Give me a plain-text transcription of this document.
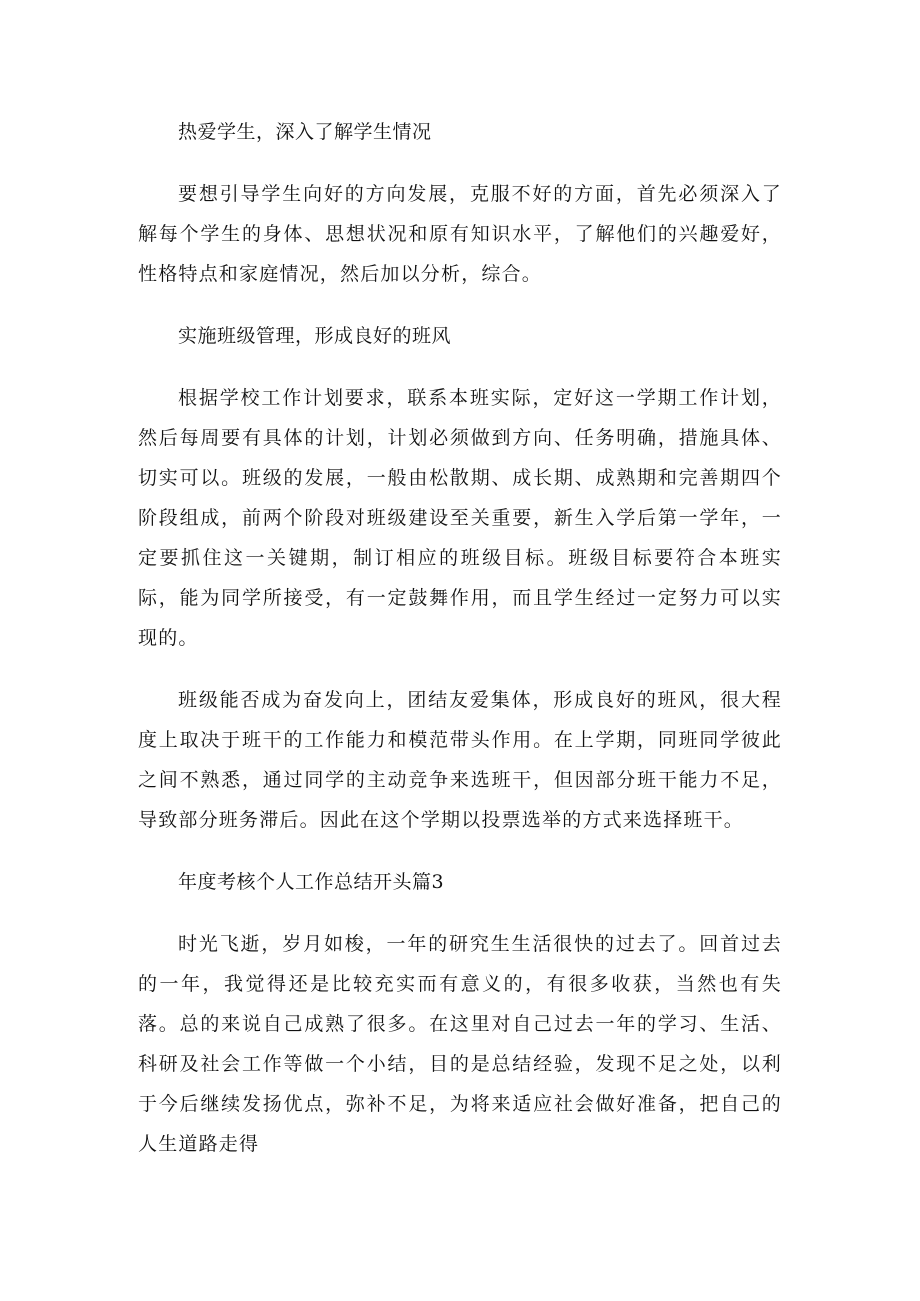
热爱学生，深入了解学生情况
要想引导学生向好的方向发展，克服不好的方面，首先必须深入了解每个学生的身体、思想状况和原有知识水平，了解他们的兴趣爱好，性格特点和家庭情况，然后加以分析，综合。
实施班级管理，形成良好的班风
根据学校工作计划要求，联系本班实际，定好这一学期工作计划，然后每周要有具体的计划，计划必须做到方向、任务明确，措施具体、切实可以。班级的发展，一般由松散期、成长期、成熟期和完善期四个阶段组成，前两个阶段对班级建设至关重要，新生入学后第一学年，一定要抓住这一关键期，制订相应的班级目标。班级目标要符合本班实际，能为同学所接受，有一定鼓舞作用，而且学生经过一定努力可以实现的。
班级能否成为奋发向上，团结友爱集体，形成良好的班风，很大程度上取决于班干的工作能力和模范带头作用。在上学期，同班同学彼此之间不熟悉，通过同学的主动竞争来选班干，但因部分班干能力不足，导致部分班务滞后。因此在这个学期以投票选举的方式来选择班干。
年度考核个人工作总结开头篇3
时光飞逝，岁月如梭，一年的研究生生活很快的过去了。回首过去的一年，我觉得还是比较充实而有意义的，有很多收获，当然也有失落。总的来说自己成熟了很多。在这里对自己过去一年的学习、生活、科研及社会工作等做一个小结，目的是总结经验，发现不足之处，以利于今后继续发扬优点，弥补不足，为将来适应社会做好准备，把自己的人生道路走得
